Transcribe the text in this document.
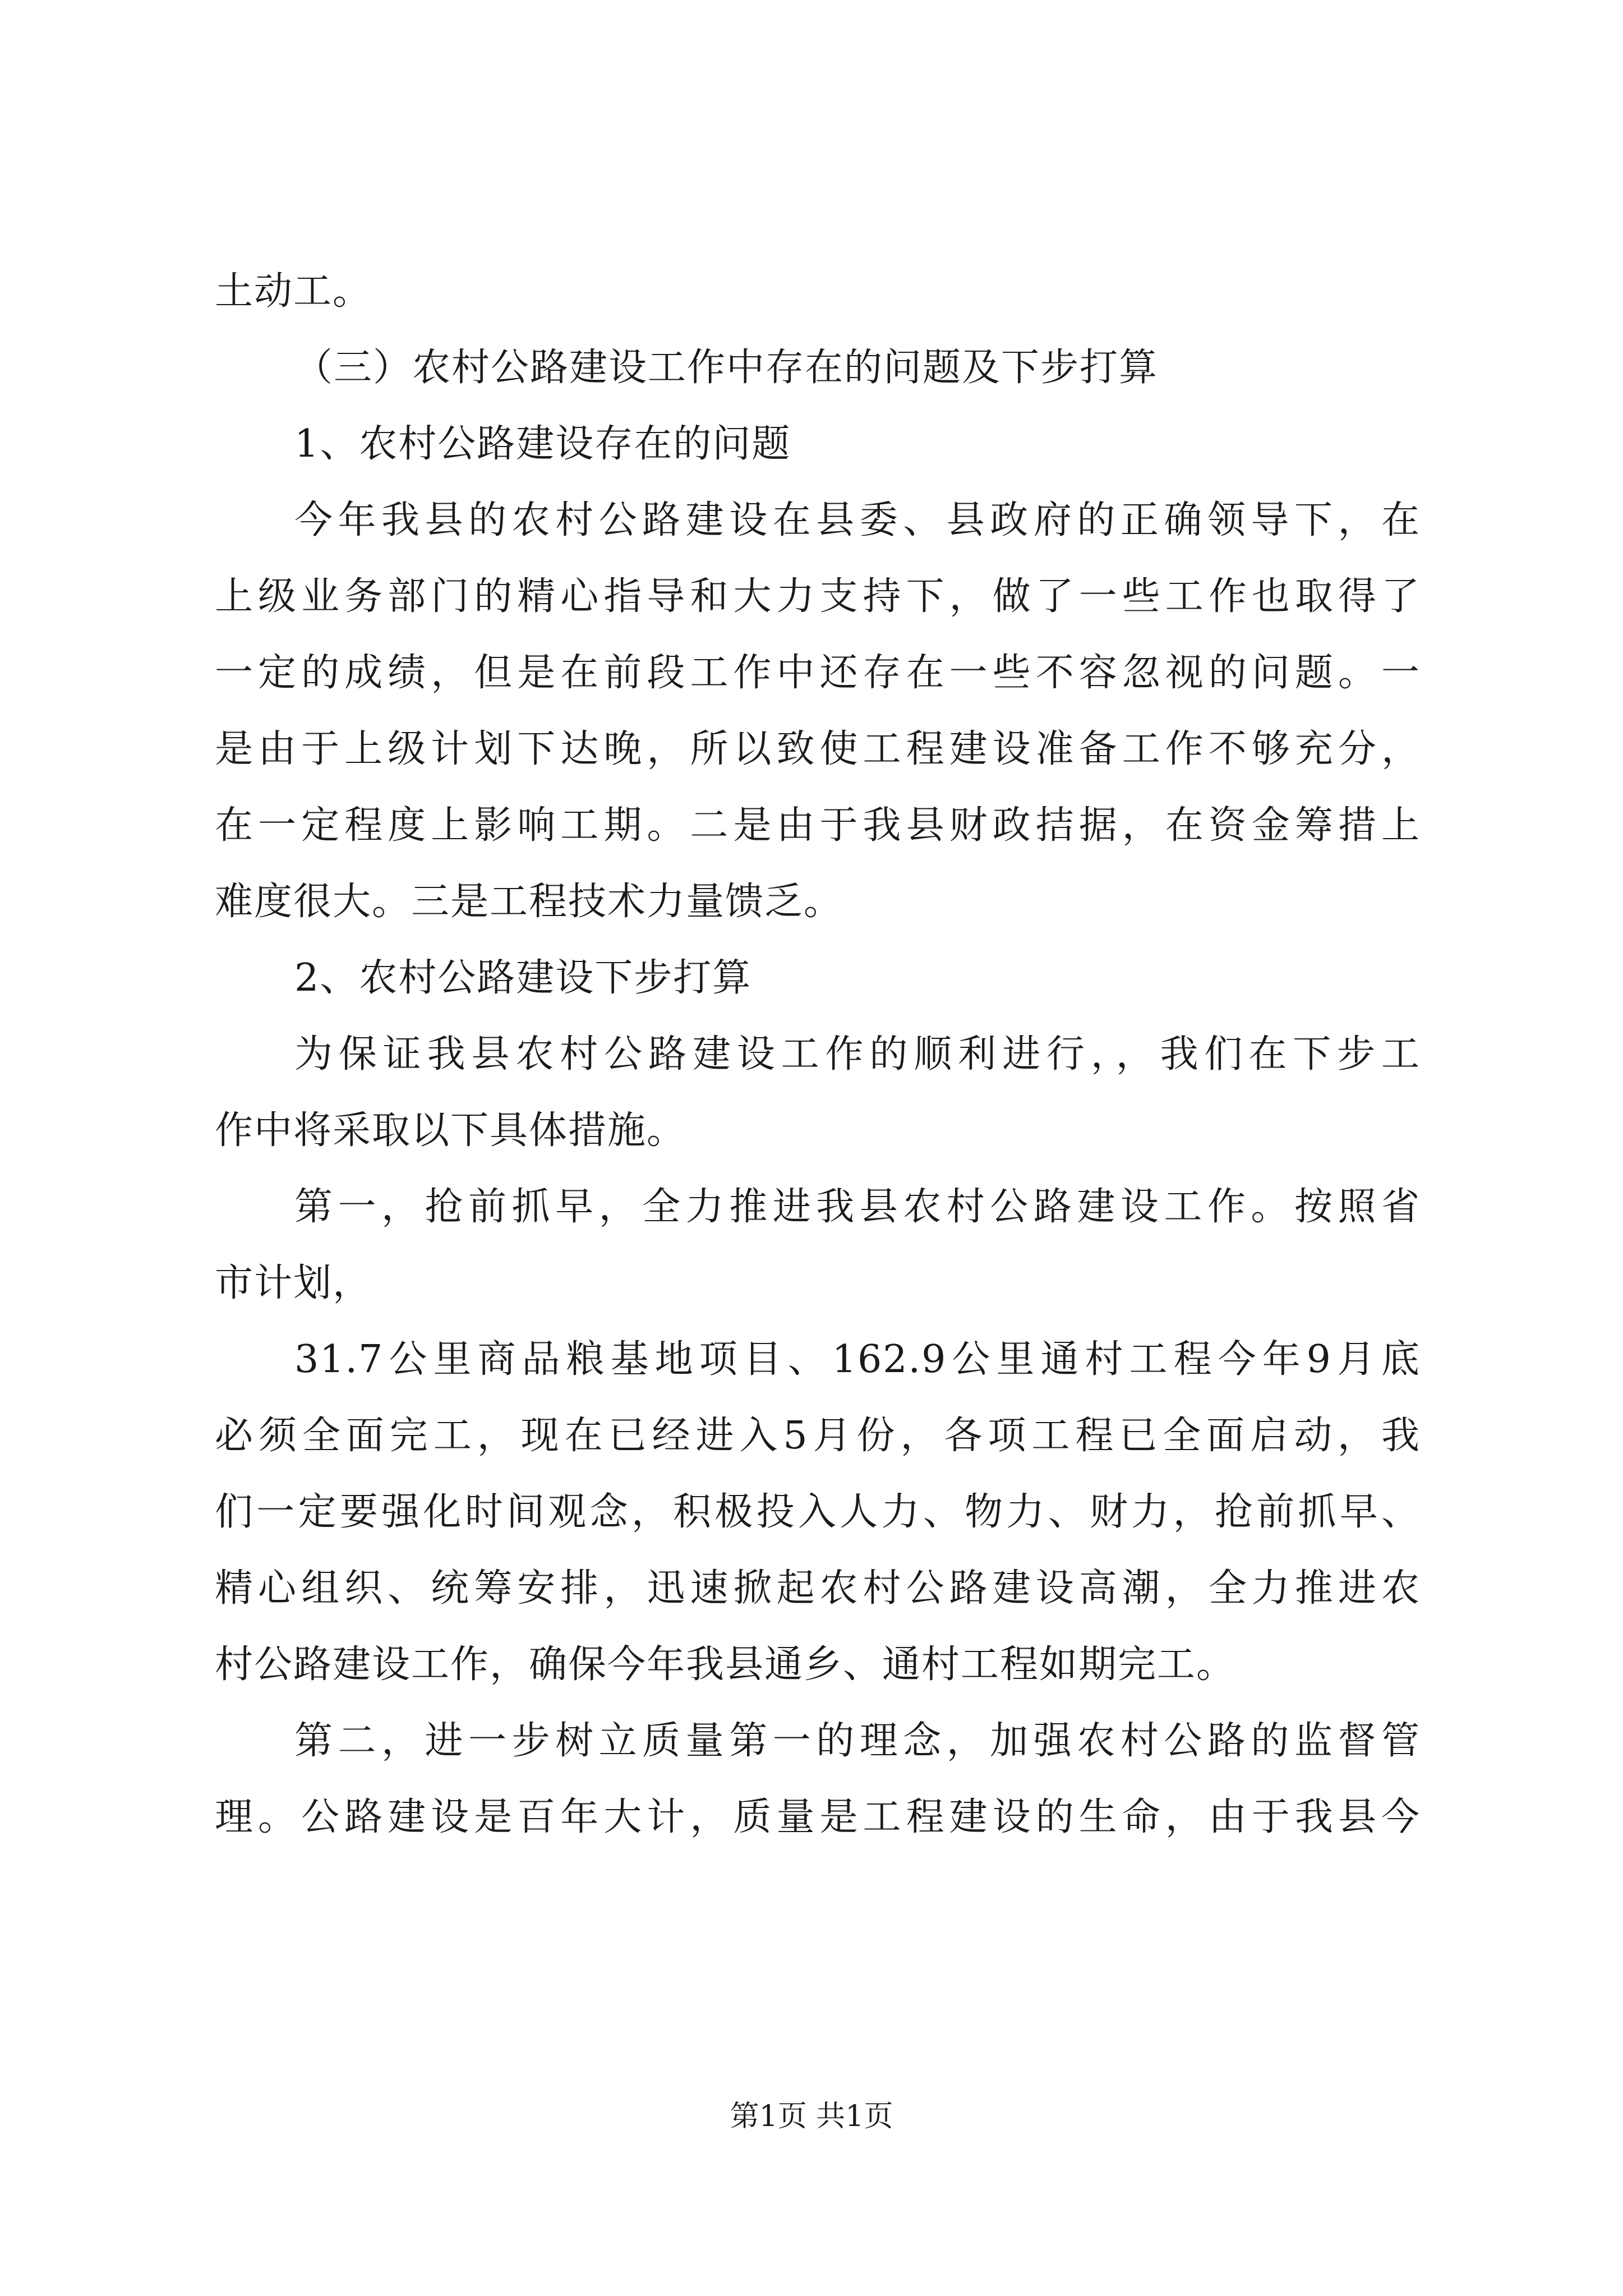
土动工。
（三）农村公路建设工作中存在的问题及下步打算
1、农村公路建设存在的问题
今年我县的农村公路建设在县委、县政府的正确领导下，在
上级业务部门的精心指导和大力支持下，做了一些工作也取得了
一定的成绩，但是在前段工作中还存在一些不容忽视的问题。一
是由于上级计划下达晚，所以致使工程建设准备工作不够充分，
在一定程度上影响工期。二是由于我县财政拮据，在资金筹措上
难度很大。三是工程技术力量馈乏。
2、农村公路建设下步打算
为保证我县农村公路建设工作的顺利进行，，我们在下步工
作中将采取以下具体措施。
第一，抢前抓早，全力推进我县农村公路建设工作。按照省
市计划，
31.7公里商品粮基地项目、162.9公里通村工程今年9月底
必须全面完工，现在已经进入5月份，各项工程已全面启动，我
们一定要强化时间观念，积极投入人力、物力、财力，抢前抓早、
精心组织、统筹安排，迅速掀起农村公路建设高潮，全力推进农
村公路建设工作，确保今年我县通乡、通村工程如期完工。
第二，进一步树立质量第一的理念，加强农村公路的监督管
理。公路建设是百年大计，质量是工程建设的生命，由于我县今
第1页 共1页
